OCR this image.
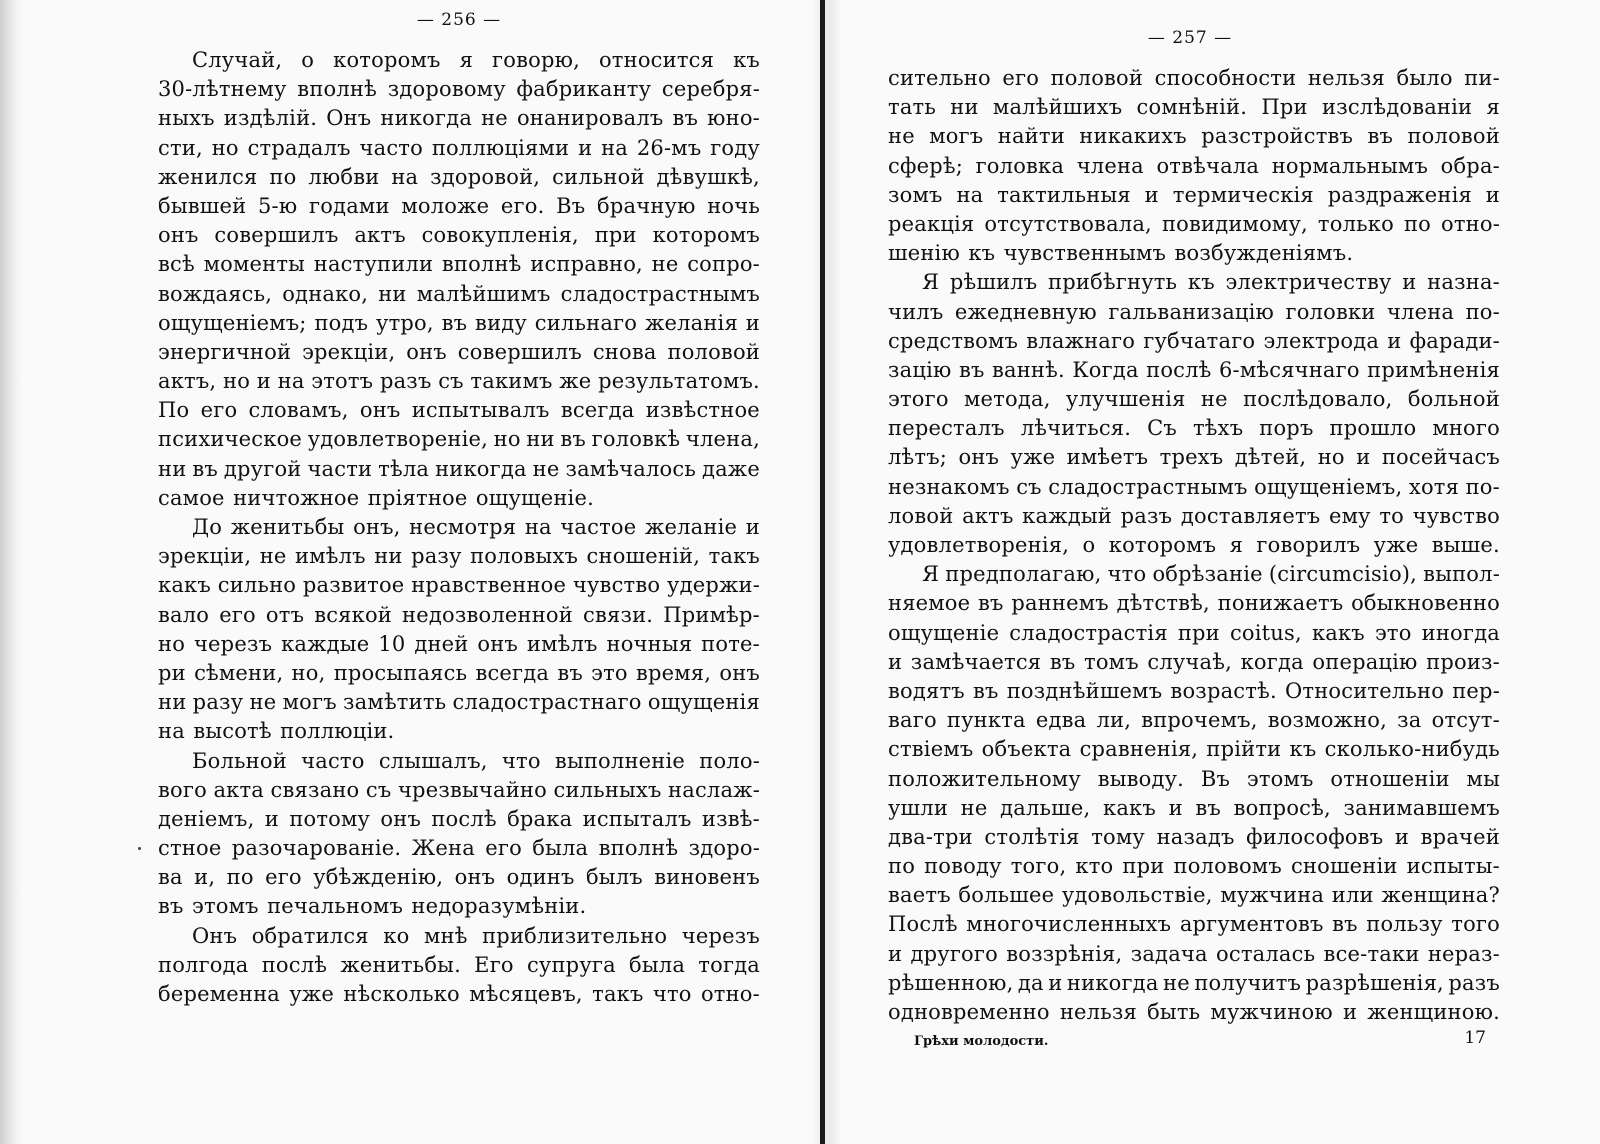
— 256 —
Случай, о которомъ я говорю, относится къ
30-лѣтнему вполнѣ здоровому фабриканту серебря-
ныхъ издѣлій. Онъ никогда не онанировалъ въ юно-
сти, но страдалъ часто поллюціями и на 26-мъ году
женился по любви на здоровой, сильной дѣвушкѣ,
бывшей 5-ю годами моложе его. Въ брачную ночь
онъ совершилъ актъ совокупленія, при которомъ
всѣ моменты наступили вполнѣ исправно, не сопро-
вождаясь, однако, ни малѣйшимъ сладострастнымъ
ощущеніемъ; подъ утро, въ виду сильнаго желанія и
энергичной эрекціи, онъ совершилъ снова половой
актъ, но и на этотъ разъ съ такимъ же результатомъ.
По его словамъ, онъ испытывалъ всегда извѣстное
психическое удовлетвореніе, но ни въ головкѣ члена,
ни въ другой части тѣла никогда не замѣчалось даже
самое ничтожное пріятное ощущеніе.
До женитьбы онъ, несмотря на частое желаніе и
эрекціи, не имѣлъ ни разу половыхъ сношеній, такъ
какъ сильно развитое нравственное чувство удержи-
вало его отъ всякой недозволенной связи. Примѣр-
но черезъ каждые 10 дней онъ имѣлъ ночныя поте-
ри сѣмени, но, просыпаясь всегда въ это время, онъ
ни разу не могъ замѣтить сладострастнаго ощущенія
на высотѣ поллюціи.
Больной часто слышалъ, что выполненіе поло-
вого акта связано съ чрезвычайно сильныхъ наслаж-
деніемъ, и потому онъ послѣ брака испыталъ извѣ-
стное разочарованіе. Жена его была вполнѣ здоро-
ва и, по его убѣжденію, онъ одинъ былъ виновенъ
въ этомъ печальномъ недоразумѣніи.
Онъ обратился ко мнѣ приблизительно черезъ
полгода послѣ женитьбы. Его супруга была тогда
беременна уже нѣсколько мѣсяцевъ, такъ что отно-
— 257 —
сительно его половой способности нельзя было пи-
тать ни малѣйшихъ сомнѣній. При изслѣдованіи я
не могъ найти никакихъ разстройствъ въ половой
сферѣ; головка члена отвѣчала нормальнымъ обра-
зомъ на тактильныя и термическія раздраженія и
реакція отсутствовала, повидимому, только по отно-
шенію къ чувственнымъ возбужденіямъ.
Я рѣшилъ прибѣгнуть къ электричеству и назна-
чилъ ежедневную гальванизацію головки члена по-
средствомъ влажнаго губчатаго электрода и фаради-
зацію въ ваннѣ. Когда послѣ 6-мѣсячнаго примѣненія
этого метода, улучшенія не послѣдовало, больной
пересталъ лѣчиться. Съ тѣхъ поръ прошло много
лѣтъ; онъ уже имѣетъ трехъ дѣтей, но и посейчасъ
незнакомъ съ сладострастнымъ ощущеніемъ, хотя по-
ловой актъ каждый разъ доставляетъ ему то чувство
удовлетворенія, о которомъ я говорилъ уже выше.
Я предполагаю, что обрѣзаніе (circumcisio), выпол-
няемое въ раннемъ дѣтствѣ, понижаетъ обыкновенно
ощущеніе сладострастія при coitus, какъ это иногда
и замѣчается въ томъ случаѣ, когда операцію произ-
водятъ въ позднѣйшемъ возрастѣ. Относительно пер-
ваго пункта едва ли, впрочемъ, возможно, за отсут-
ствіемъ объекта сравненія, прійти къ сколько-нибудь
положительному выводу. Въ этомъ отношеніи мы
ушли не дальше, какъ и въ вопросѣ, занимавшемъ
два-три столѣтія тому назадъ философовъ и врачей
по поводу того, кто при половомъ сношеніи испыты-
ваетъ большее удовольствіе, мужчина или женщина?
Послѣ многочисленныхъ аргументовъ въ пользу того
и другого воззрѣнія, задача осталась все-таки нераз-
рѣшенною, да и никогда не получитъ разрѣшенія, разъ
одновременно нельзя быть мужчиною и женщиною.
Грѣхи молодости.	17
